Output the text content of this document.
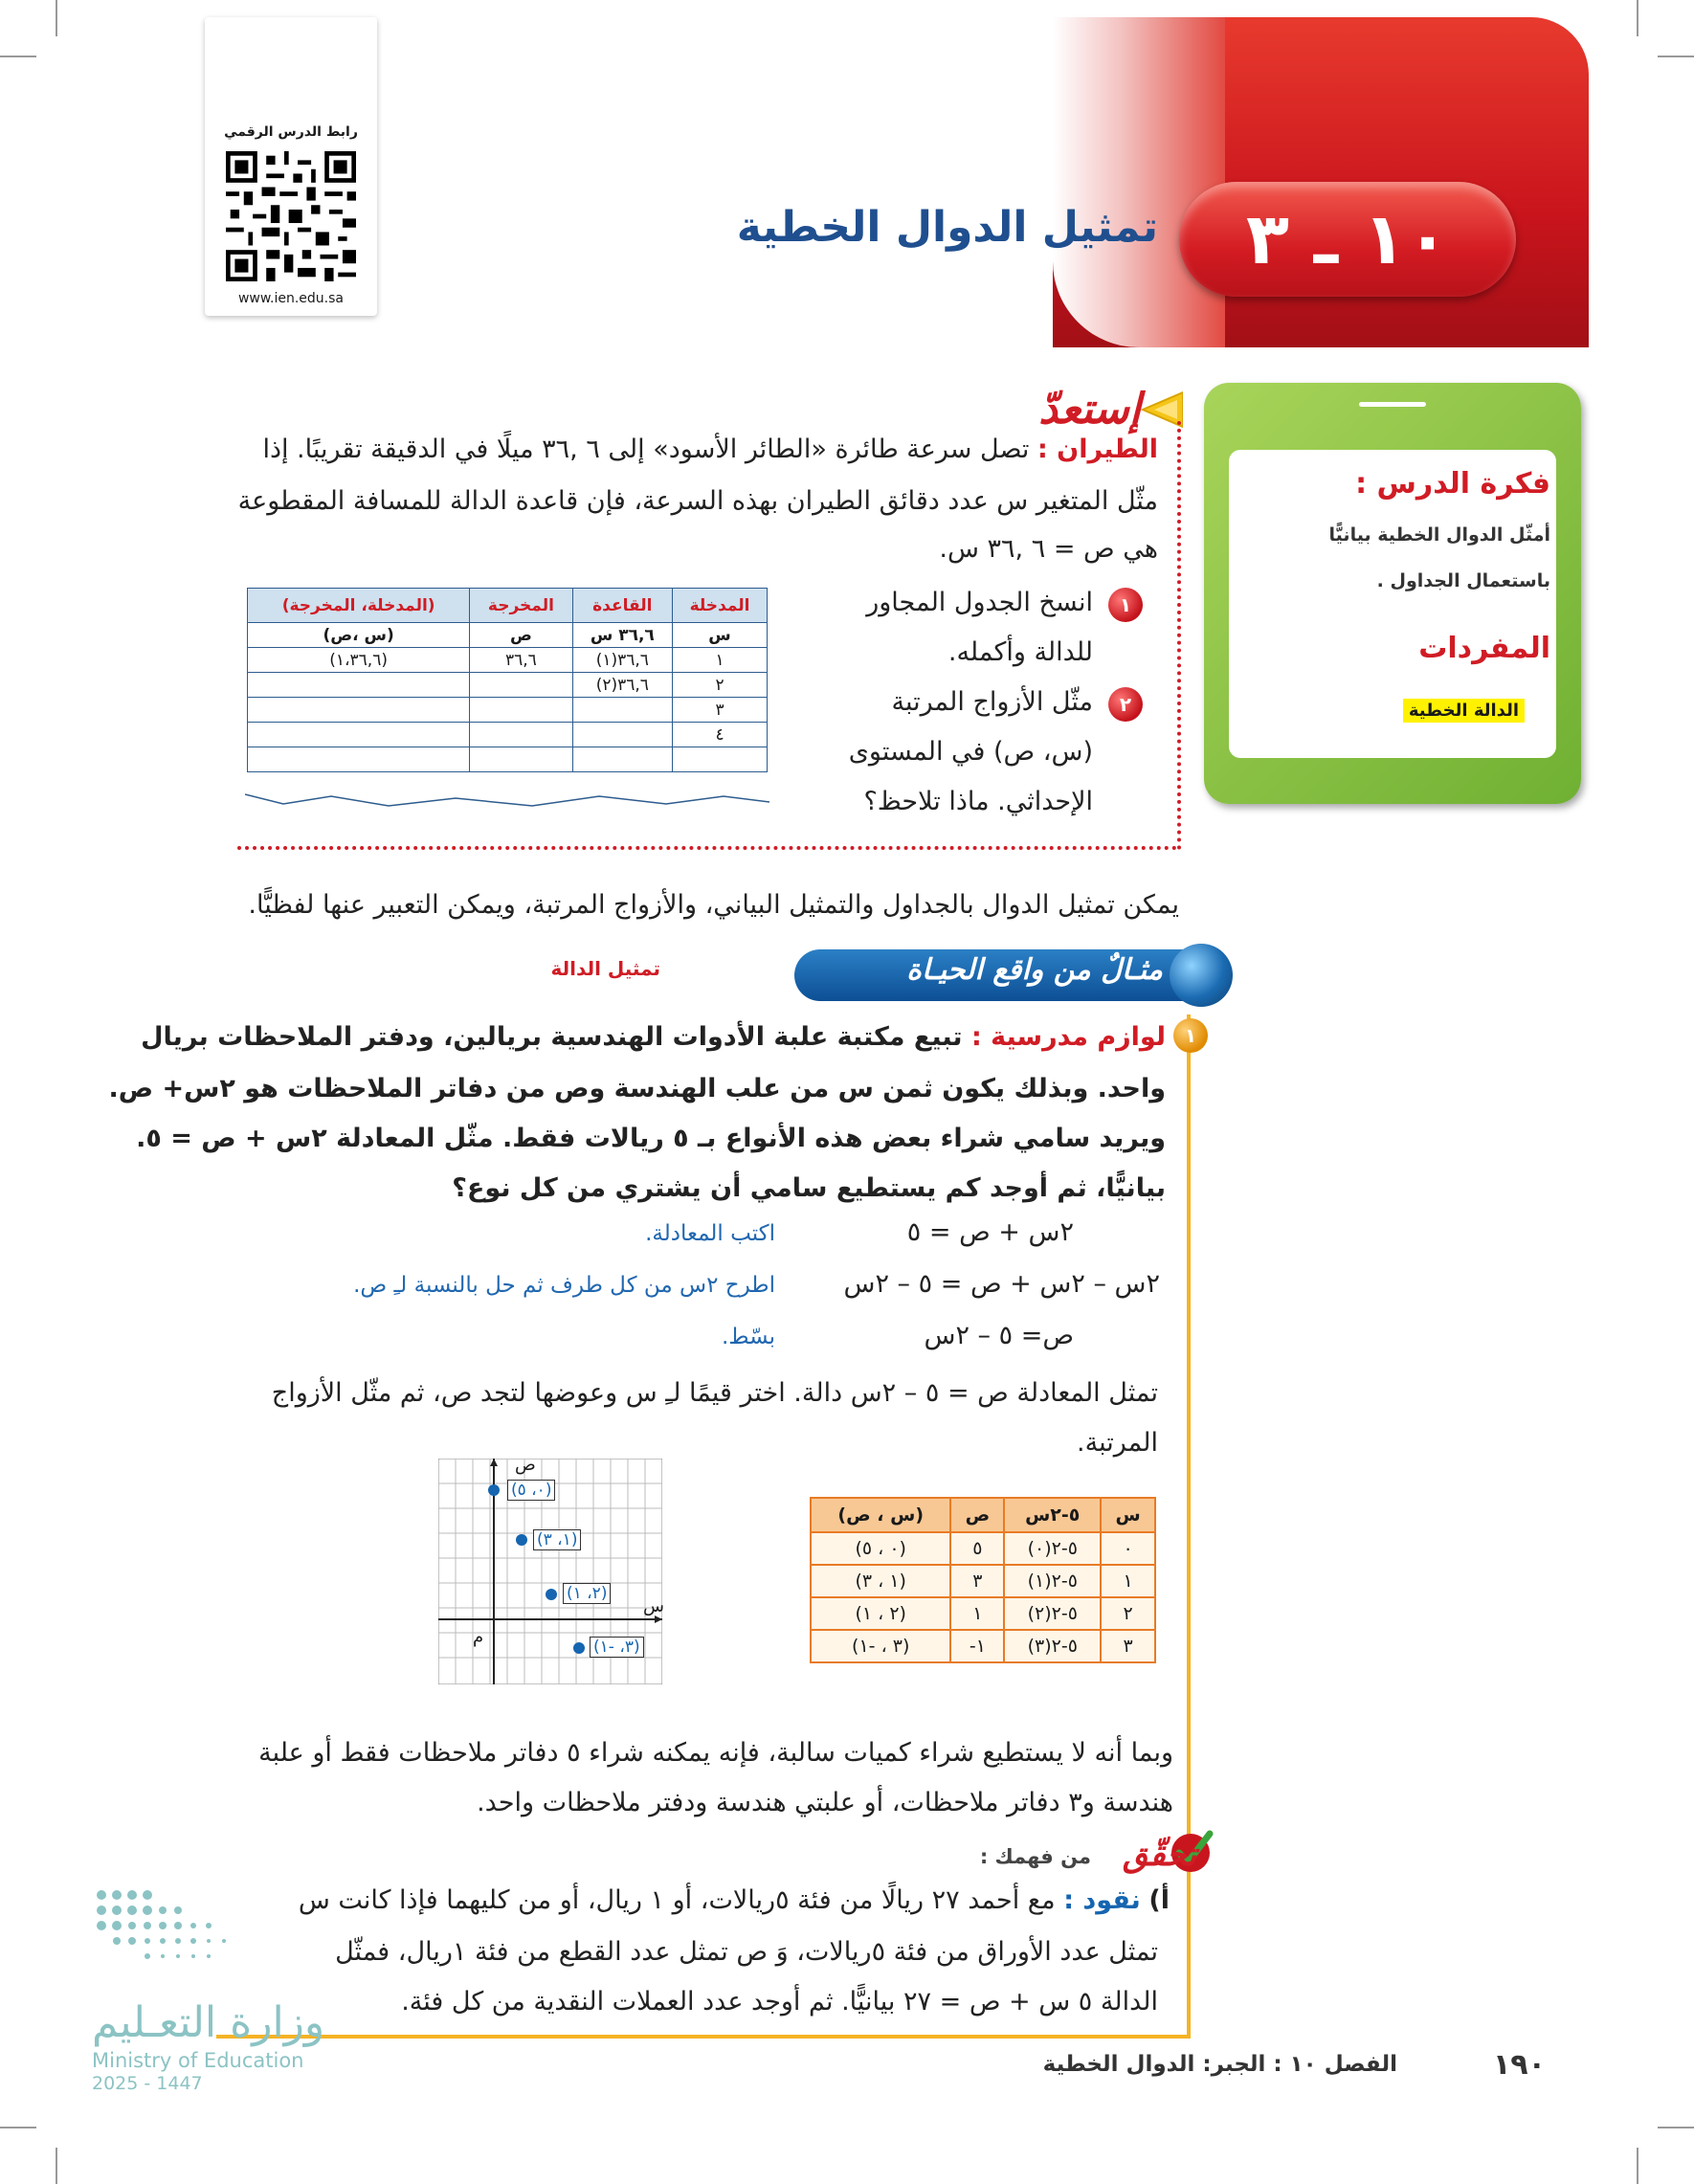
١٠ ـ ٣
تمثيل الدوال الخطية
رابط الدرس الرقمي
www.ien.edu.sa
فكرة الدرس :
أمثّل الدوال الخطية بيانيًّا
باستعمال الجداول .
المفردات
الدالة الخطية
إستعدّ
الطيران : تصل سرعة طائرة «الطائر الأسود» إلى ٦ ,٣٦ ميلًا في الدقيقة تقريبًا. إذا
مثّل المتغير س عدد دقائق الطيران بهذه السرعة، فإن قاعدة الدالة للمسافة المقطوعة
هي ص = ٦ ,٣٦ س.
١
انسخ الجدول المجاور
للدالة وأكمله.
٢
مثّل الأزواج المرتبة
(س، ص) في المستوى
الإحداثي. ماذا تلاحظ؟
المدخلة	القاعدة	المخرجة	(المدخلة، المخرجة)
س	٣٦,٦ س	ص	(س ،ص)
١	٣٦,٦(١)	٣٦,٦	(١،٣٦,٦)
٢	٣٦,٦(٢)		
٣			
٤			

يمكن تمثيل الدوال بالجداول والتمثيل البياني، والأزواج المرتبة، ويمكن التعبير عنها لفظيًّا.
مثـالٌ من واقع الحيـاة
تمثيل الدالة
١
لوازم مدرسية : تبيع مكتبة علبة الأدوات الهندسية بريالين، ودفتر الملاحظات بريال
واحد. وبذلك يكون ثمن س من علب الهندسة وص من دفاتر الملاحظات هو ٢س+ ص.
ويريد سامي شراء بعض هذه الأنواع بـ ٥ ريالات فقط. مثّل المعادلة ٢س + ص = ٥.
بيانيًّا، ثم أوجد كم يستطيع سامي أن يشتري من كل نوع؟
٢س + ص = ٥
اكتب المعادلة.
٢س – ٢س + ص = ٥ – ٢س
اطرح ٢س من كل طرف ثم حل بالنسبة لـِ ص.
ص= ٥ – ٢س
بسّط.
تمثل المعادلة ص = ٥ – ٢س دالة. اختر قيمًا لـِ س وعوضها لتجد ص، ثم مثّل الأزواج
المرتبة.
س	٥-٢س	ص	(س ، ص)
٠	٥-٢(٠)	٥	(٠ ، ٥)
١	٥-٢(١)	٣	(١ ، ٣)
٢	٥-٢(٢)	١	(٢ ، ١)
٣	٥-٢(٣)	١-	(٣ ، -١)
ص
س
م
(٠، ٥)
(١، ٣)
(٢، ١)
(٣، -١)
وبما أنه لا يستطيع شراء كميات سالبة، فإنه يمكنه شراء ٥ دفاتر ملاحظات فقط أو علبة
هندسة و٣ دفاتر ملاحظات، أو علبتي هندسة ودفتر ملاحظات واحد.
تحقّق
من فهمك :
أ) نقود : مع أحمد ٢٧ ريالًا من فئة ٥ريالات، أو ١ ريال، أو من كليهما فإذا كانت س
تمثل عدد الأوراق من فئة ٥ريالات، وَ ص تمثل عدد القطع من فئة ١ريال، فمثّل
الدالة ٥ س + ص = ٢٧ بيانيًّا. ثم أوجد عدد العملات النقدية من كل فئة.
وزارة التعـليم
Ministry of Education
2025 - 1447
الفصل ١٠ : الجبر: الدوال الخطية	١٩٠
